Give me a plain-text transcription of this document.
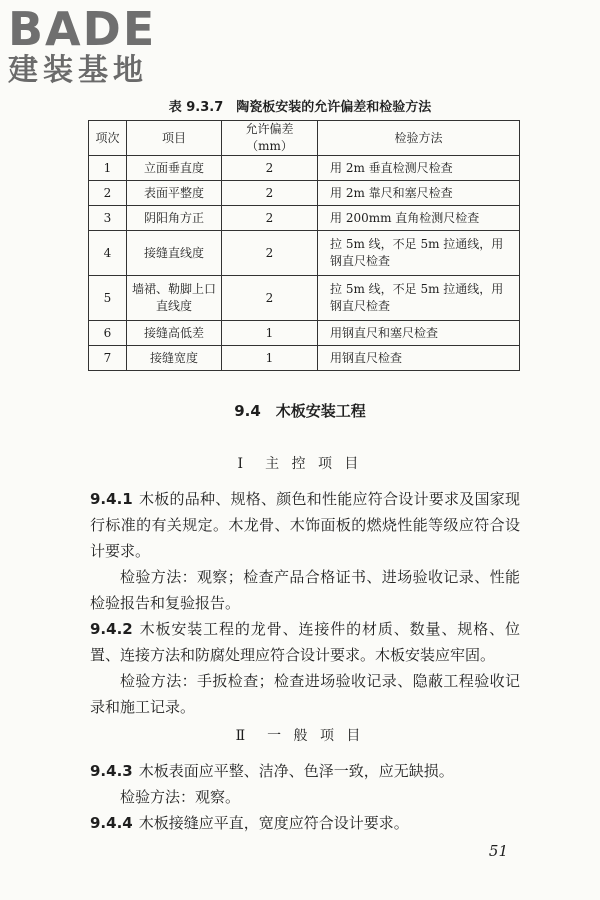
BADE
建装基地
表 9.3.7　陶瓷板安装的允许偏差和检验方法
项次	项目	允许偏差（mm）	检验方法
1	立面垂直度	2	用 2m 垂直检测尺检查
2	表面平整度	2	用 2m 靠尺和塞尺检查
3	阴阳角方正	2	用 200mm 直角检测尺检查
4	接缝直线度	2	拉 5m 线，不足 5m 拉通线，用钢直尺检查
5	墙裙、勒脚上口直线度	2	拉 5m 线，不足 5m 拉通线，用钢直尺检查
6	接缝高低差	1	用钢直尺和塞尺检查
7	接缝宽度	1	用钢直尺检查
9.4　木板安装工程
Ⅰ　主 控 项 目

9.4.1 木板的品种、规格、颜色和性能应符合设计要求及国家现行标准的有关规定。木龙骨、木饰面板的燃烧性能等级应符合设计要求。

检验方法：观察；检查产品合格证书、进场验收记录、性能检验报告和复验报告。

9.4.2 木板安装工程的龙骨、连接件的材质、数量、规格、位置、连接方法和防腐处理应符合设计要求。木板安装应牢固。

检验方法：手扳检查；检查进场验收记录、隐蔽工程验收记录和施工记录。

Ⅱ　一 般 项 目

9.4.3 木板表面应平整、洁净、色泽一致，应无缺损。

检验方法：观察。

9.4.4 木板接缝应平直，宽度应符合设计要求。

51
